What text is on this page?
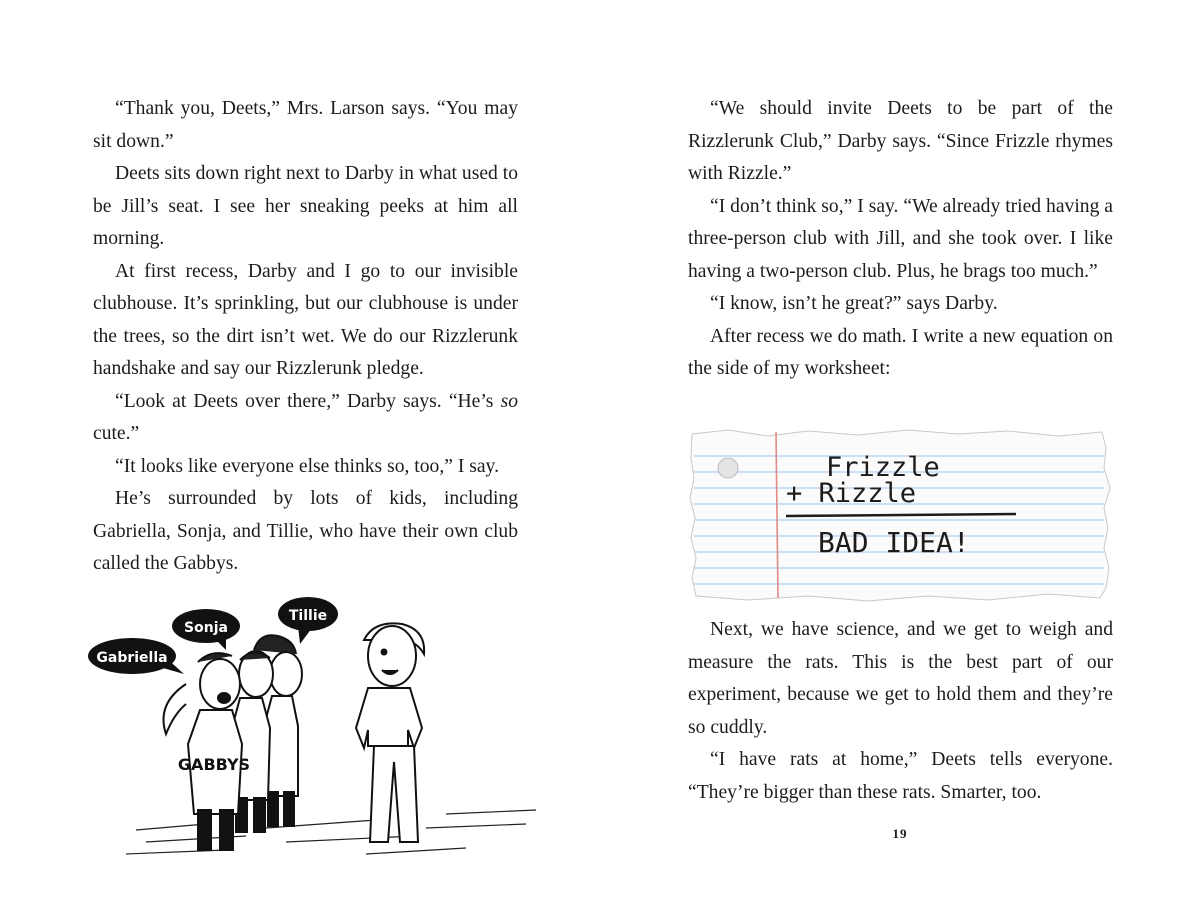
“Thank you, Deets,” Mrs. Larson says. “You may sit down.”

Deets sits down right next to Darby in what used to be Jill’s seat. I see her sneaking peeks at him all morning.

At first recess, Darby and I go to our invisible clubhouse. It’s sprinkling, but our clubhouse is under the trees, so the dirt isn’t wet. We do our Rizzlerunk handshake and say our Rizzlerunk pledge.

“Look at Deets over there,” Darby says. “He’s so cute.”

“It looks like everyone else thinks so, too,” I say.

He’s surrounded by lots of kids, including Gabriella, Sonja, and Tillie, who have their own club called the Gabbys.

Gabriella
Sonja
Tillie
GABBYS

“We should invite Deets to be part of the Rizzlerunk Club,” Darby says. “Since Frizzle rhymes with Rizzle.”

“I don’t think so,” I say. “We already tried having a three-person club with Jill, and she took over. I like having a two-person club. Plus, he brags too much.”

“I know, isn’t he great?” says Darby.

After recess we do math. I write a new equation on the side of my worksheet:

Frizzle
+ Rizzle
BAD IDEA!

Next, we have science, and we get to weigh and measure the rats. This is the best part of our experiment, because we get to hold them and they’re so cuddly.

“I have rats at home,” Deets tells everyone. “They’re bigger than these rats. Smarter, too.

19
